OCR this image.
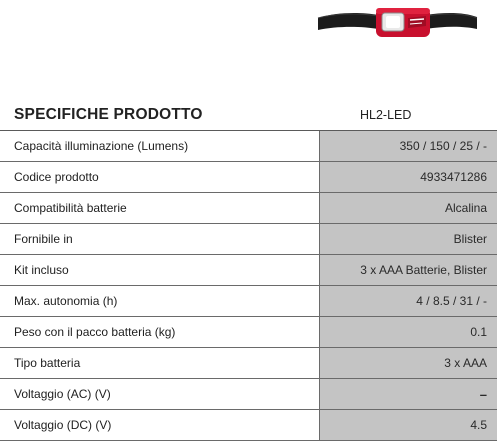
SPECIFICHE PRODOTTO	HL2-LED
Capacità illuminazione (Lumens)	350 / 150 / 25 / -
Codice prodotto	4933471286
Compatibilità batterie	Alcalina
Fornibile in	Blister
Kit incluso	3 x AAA Batterie, Blister
Max. autonomia (h)	4 / 8.5 / 31 / -
Peso con il pacco batteria (kg)	0.1
Tipo batteria	3 x AAA
Voltaggio (AC) (V)	–
Voltaggio (DC) (V)	4.5
